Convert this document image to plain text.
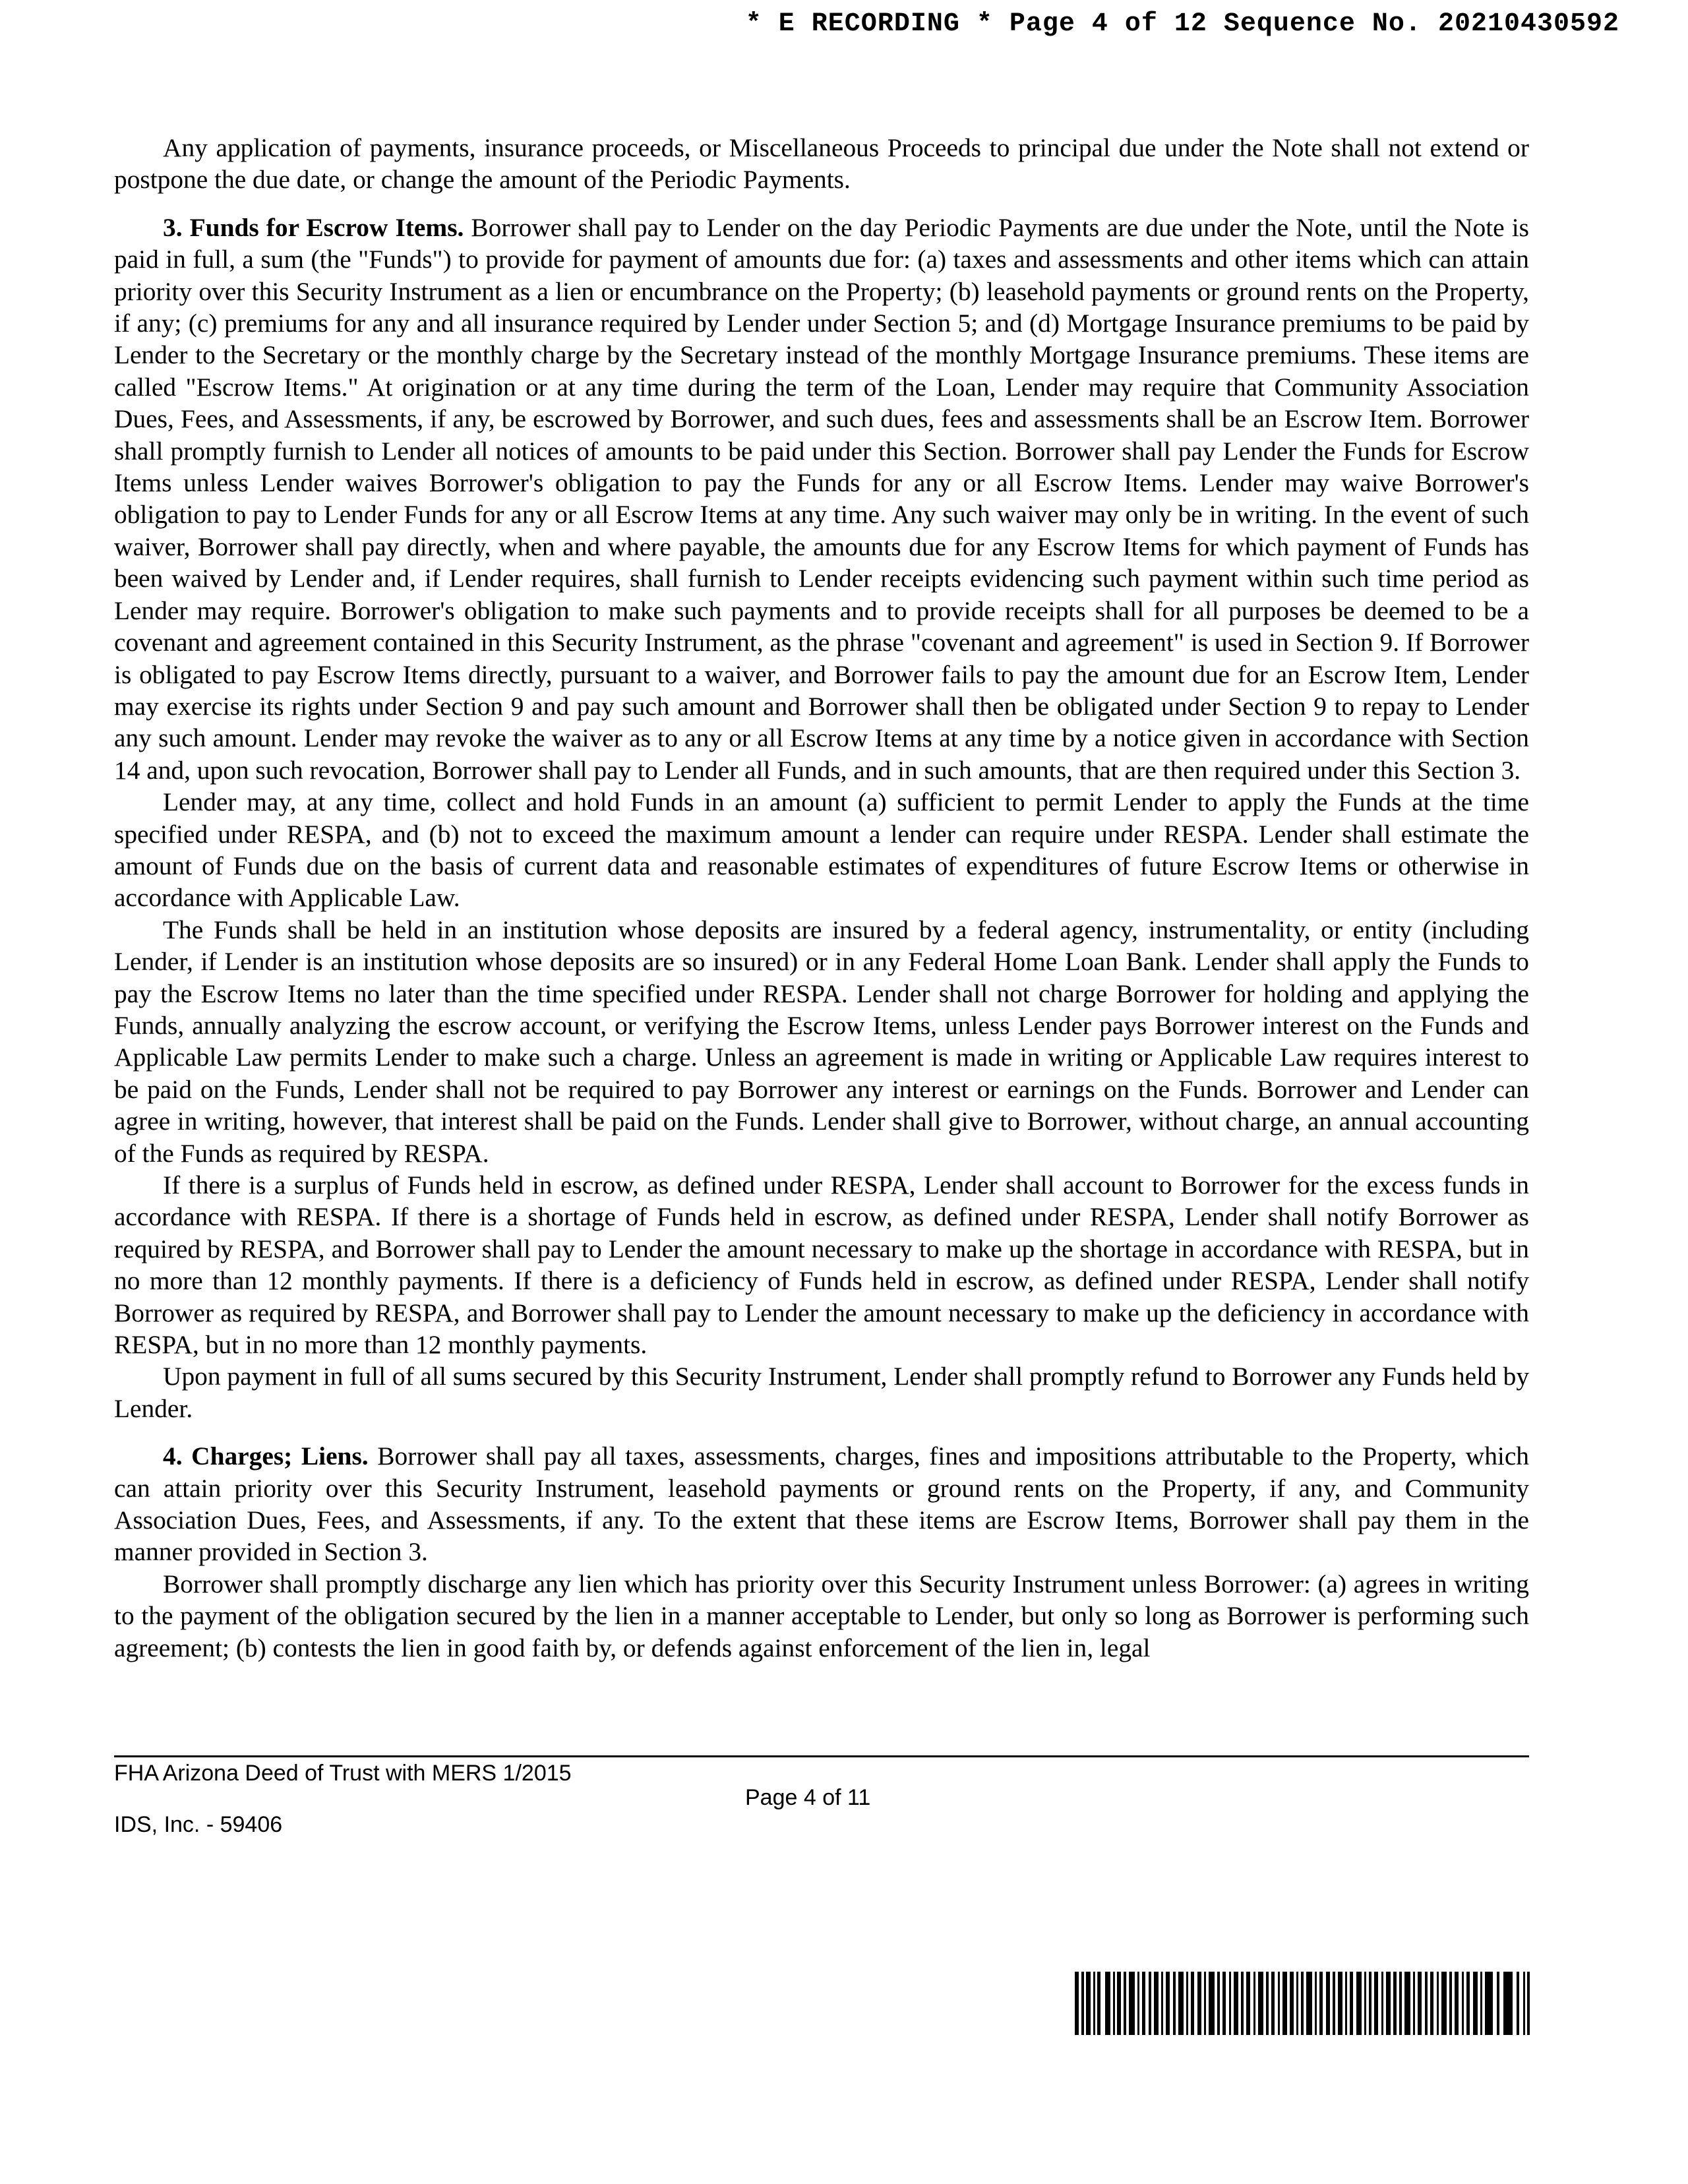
* E RECORDING * Page 4 of 12 Sequence No. 20210430592

Any application of payments, insurance proceeds, or Miscellaneous Proceeds to principal due under the Note shall not extend or postpone the due date, or change the amount of the Periodic Payments.

3. Funds for Escrow Items. Borrower shall pay to Lender on the day Periodic Payments are due under the Note, until the Note is paid in full, a sum (the "Funds") to provide for payment of amounts due for: (a) taxes and assessments and other items which can attain priority over this Security Instrument as a lien or encumbrance on the Property; (b) leasehold payments or ground rents on the Property, if any; (c) premiums for any and all insurance required by Lender under Section 5; and (d) Mortgage Insurance premiums to be paid by Lender to the Secretary or the monthly charge by the Secretary instead of the monthly Mortgage Insurance premiums. These items are called "Escrow Items." At origination or at any time during the term of the Loan, Lender may require that Community Association Dues, Fees, and Assessments, if any, be escrowed by Borrower, and such dues, fees and assessments shall be an Escrow Item. Borrower shall promptly furnish to Lender all notices of amounts to be paid under this Section. Borrower shall pay Lender the Funds for Escrow Items unless Lender waives Borrower's obligation to pay the Funds for any or all Escrow Items. Lender may waive Borrower's obligation to pay to Lender Funds for any or all Escrow Items at any time. Any such waiver may only be in writing. In the event of such waiver, Borrower shall pay directly, when and where payable, the amounts due for any Escrow Items for which payment of Funds has been waived by Lender and, if Lender requires, shall furnish to Lender receipts evidencing such payment within such time period as Lender may require. Borrower's obligation to make such payments and to provide receipts shall for all purposes be deemed to be a covenant and agreement contained in this Security Instrument, as the phrase "covenant and agreement" is used in Section 9. If Borrower is obligated to pay Escrow Items directly, pursuant to a waiver, and Borrower fails to pay the amount due for an Escrow Item, Lender may exercise its rights under Section 9 and pay such amount and Borrower shall then be obligated under Section 9 to repay to Lender any such amount. Lender may revoke the waiver as to any or all Escrow Items at any time by a notice given in accordance with Section 14 and, upon such revocation, Borrower shall pay to Lender all Funds, and in such amounts, that are then required under this Section 3.

Lender may, at any time, collect and hold Funds in an amount (a) sufficient to permit Lender to apply the Funds at the time specified under RESPA, and (b) not to exceed the maximum amount a lender can require under RESPA. Lender shall estimate the amount of Funds due on the basis of current data and reasonable estimates of expenditures of future Escrow Items or otherwise in accordance with Applicable Law.

The Funds shall be held in an institution whose deposits are insured by a federal agency, instrumentality, or entity (including Lender, if Lender is an institution whose deposits are so insured) or in any Federal Home Loan Bank. Lender shall apply the Funds to pay the Escrow Items no later than the time specified under RESPA. Lender shall not charge Borrower for holding and applying the Funds, annually analyzing the escrow account, or verifying the Escrow Items, unless Lender pays Borrower interest on the Funds and Applicable Law permits Lender to make such a charge. Unless an agreement is made in writing or Applicable Law requires interest to be paid on the Funds, Lender shall not be required to pay Borrower any interest or earnings on the Funds. Borrower and Lender can agree in writing, however, that interest shall be paid on the Funds. Lender shall give to Borrower, without charge, an annual accounting of the Funds as required by RESPA.

If there is a surplus of Funds held in escrow, as defined under RESPA, Lender shall account to Borrower for the excess funds in accordance with RESPA. If there is a shortage of Funds held in escrow, as defined under RESPA, Lender shall notify Borrower as required by RESPA, and Borrower shall pay to Lender the amount necessary to make up the shortage in accordance with RESPA, but in no more than 12 monthly payments. If there is a deficiency of Funds held in escrow, as defined under RESPA, Lender shall notify Borrower as required by RESPA, and Borrower shall pay to Lender the amount necessary to make up the deficiency in accordance with RESPA, but in no more than 12 monthly payments.

Upon payment in full of all sums secured by this Security Instrument, Lender shall promptly refund to Borrower any Funds held by Lender.

4. Charges; Liens. Borrower shall pay all taxes, assessments, charges, fines and impositions attributable to the Property, which can attain priority over this Security Instrument, leasehold payments or ground rents on the Property, if any, and Community Association Dues, Fees, and Assessments, if any. To the extent that these items are Escrow Items, Borrower shall pay them in the manner provided in Section 3.

Borrower shall promptly discharge any lien which has priority over this Security Instrument unless Borrower: (a) agrees in writing to the payment of the obligation secured by the lien in a manner acceptable to Lender, but only so long as Borrower is performing such agreement; (b) contests the lien in good faith by, or defends against enforcement of the lien in, legal

FHA Arizona Deed of Trust with MERS 1/2015
Page 4 of 11
IDS, Inc. - 59406
